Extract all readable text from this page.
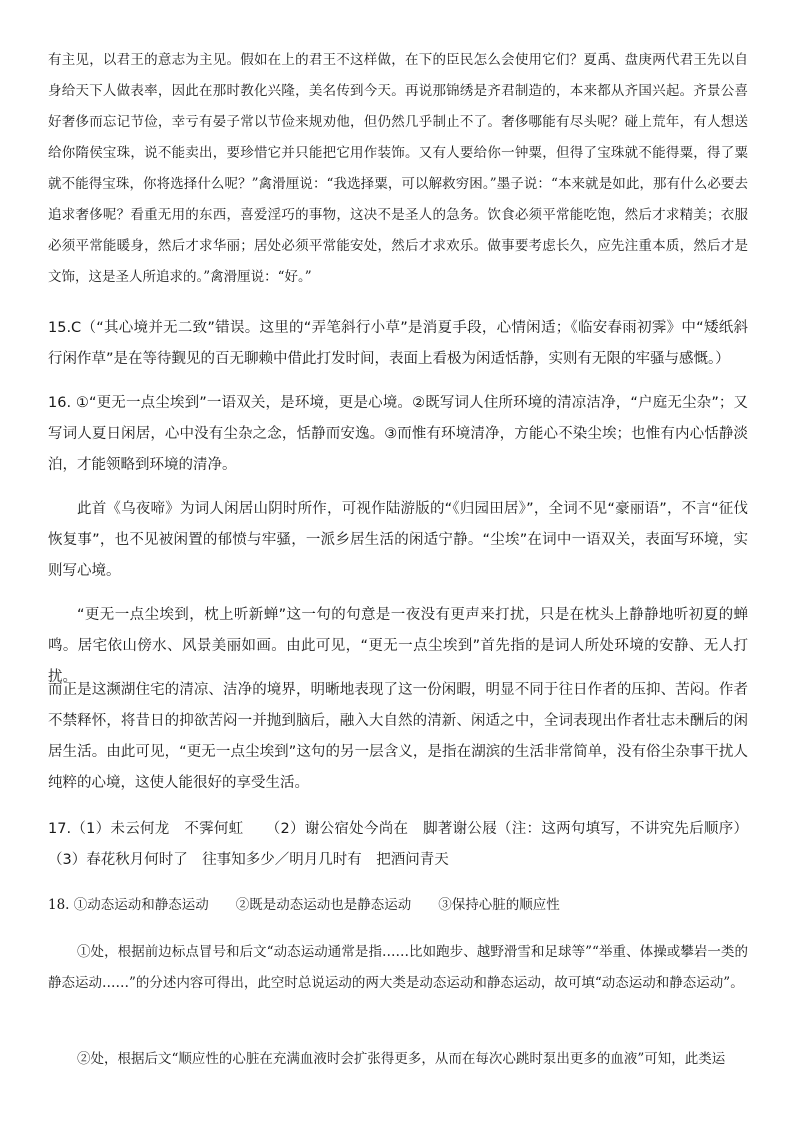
有主见，以君王的意志为主见。假如在上的君王不这样做，在下的臣民怎么会使用它们？夏禹、盘庚两代君王先以自身给天下人做表率，因此在那时教化兴隆，美名传到今天。再说那锦绣是齐君制造的，本来都从齐国兴起。齐景公喜好奢侈而忘记节俭，幸亏有晏子常以节俭来规劝他，但仍然几乎制止不了。奢侈哪能有尽头呢？碰上荒年，有人想送给你隋侯宝珠，说不能卖出，要珍惜它并只能把它用作装饰。又有人要给你一钟粟，但得了宝珠就不能得粟，得了粟就不能得宝珠，你将选择什么呢？”禽滑厘说：“我选择粟，可以解救穷困。”墨子说：“本来就是如此，那有什么必要去追求奢侈呢？看重无用的东西，喜爱淫巧的事物，这决不是圣人的急务。饮食必须平常能吃饱，然后才求精美；衣服必须平常能暖身，然后才求华丽；居处必须平常能安处，然后才求欢乐。做事要考虑长久，应先注重本质，然后才是文饰，这是圣人所追求的。”禽滑厘说：“好。”

15.C（“其心境并无二致”错误。这里的“弄笔斜行小草”是消夏手段，心情闲适；《临安春雨初霁》中“矮纸斜行闲作草”是在等待觐见的百无聊赖中借此打发时间，表面上看极为闲适恬静，实则有无限的牢骚与感慨。）

16. ①“更无一点尘埃到”一语双关，是环境，更是心境。②既写词人住所环境的清凉洁净，“户庭无尘杂”；又写词人夏日闲居，心中没有尘杂之念，恬静而安逸。③而惟有环境清净，方能心不染尘埃；也惟有内心恬静淡泊，才能领略到环境的清净。

此首《乌夜啼》为词人闲居山阴时所作，可视作陆游版的“《归园田居》”，全词不见“豪丽语”，不言“征伐恢复事”，也不见被闲置的郁愤与牢骚，一派乡居生活的闲适宁静。“尘埃”在词中一语双关，表面写环境，实则写心境。

“更无一点尘埃到，枕上听新蝉”这一句的句意是一夜没有更声来打扰，只是在枕头上静静地听初夏的蝉鸣。居宅依山傍水、风景美丽如画。由此可见，“更无一点尘埃到”首先指的是词人所处环境的安静、无人打扰。

而正是这濒湖住宅的清凉、洁净的境界，明晰地表现了这一份闲暇，明显不同于往日作者的压抑、苦闷。作者不禁释怀，将昔日的抑欲苦闷一并抛到脑后，融入大自然的清新、闲适之中，全词表现出作者壮志未酬后的闲居生活。由此可见，“更无一点尘埃到”这句的另一层含义，是指在湖滨的生活非常简单，没有俗尘杂事干扰人纯粹的心境，这使人能很好的享受生活。

17.（1）未云何龙　不霁何虹　　（2）谢公宿处今尚在　脚著谢公屐（注：这两句填写，不讲究先后顺序）（3）春花秋月何时了　往事知多少／明月几时有　把酒问青天

18. ①动态运动和静态运动　　②既是动态运动也是静态运动　　③保持心脏的顺应性

①处，根据前边标点冒号和后文“动态运动通常是指……比如跑步、越野滑雪和足球等”“举重、体操或攀岩一类的静态运动……”的分述内容可得出，此空时总说运动的两大类是动态运动和静态运动，故可填“动态运动和静态运动”。

②处，根据后文“顺应性的心脏在充满血液时会扩张得更多，从而在每次心跳时泵出更多的血液”可知，此类运
